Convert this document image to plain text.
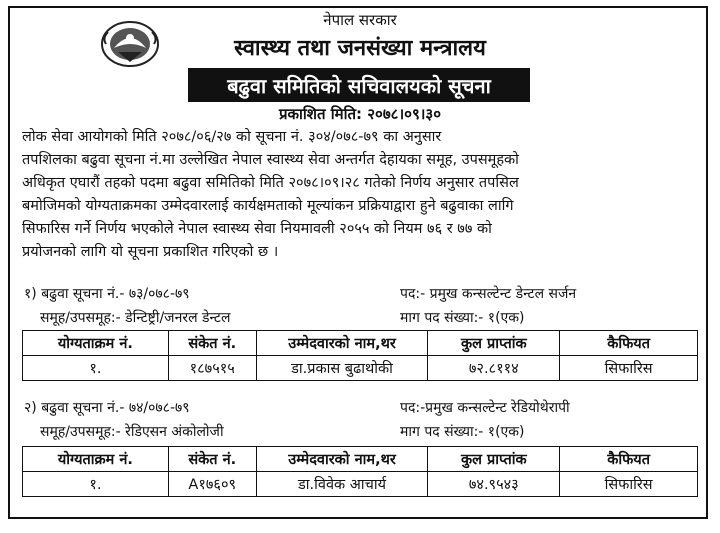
नेपाल सरकार
स्वास्थ्य तथा जनसंख्या मन्त्रालय
बढुवा समितिको सचिवालयको सूचना
प्रकाशित मिति: २०७८।०९।३०
लोक सेवा आयोगको मिति २०७८/०६/२७ को सूचना नं. ३०४/०७८-७९ का अनुसार
तपशिलका बढुवा सूचना नं.मा उल्लेखित नेपाल स्वास्थ्य सेवा अन्तर्गत देहायका समूह, उपसमूहको
अधिकृत एघारौं तहको पदमा बढुवा समितिको मिति २०७८।०९।२८ गतेको निर्णय अनुसार तपसिल
बमोजिमको योग्यताक्रमका उम्मेदवारलाई कार्यक्षमताको मूल्यांकन प्रक्रियाद्वारा हुने बढुवाका लागि
सिफारिस गर्ने निर्णय भएकोले नेपाल स्वास्थ्य सेवा नियमावली २०५५ को नियम ७६ र ७७ को
प्रयोजनको लागि यो सूचना प्रकाशित गरिएको छ ।
१) बढुवा सूचना नं.- ७३/०७८-७९	पद:- प्रमुख कन्सल्टेन्ट डेन्टल सर्जन
समूह/उपसमूह:- डेन्टिष्ट्री/जनरल डेन्टल	माग पद संख्या:- १(एक)
योग्यताक्रम नं.	संकेत नं.	उम्मेदवारको नाम,थर	कुल प्राप्तांक	कैफियत
१.	१८७५१५	डा.प्रकास बुढाथोकी	७२.८११४	सिफारिस
२) बढुवा सूचना नं.- ७४/०७८-७९	पद:-प्रमुख कन्सल्टेन्ट रेडियोथेरापी
समूह/उपसमूह:- रेडिएसन अंकोलोजी	माग पद संख्या:- १(एक)
योग्यताक्रम नं.	संकेत नं.	उम्मेदवारको नाम,थर	कुल प्राप्तांक	कैफियत
१.	A१७६०९	डा.विवेक आचार्य	७४.९५४३	सिफारिस
